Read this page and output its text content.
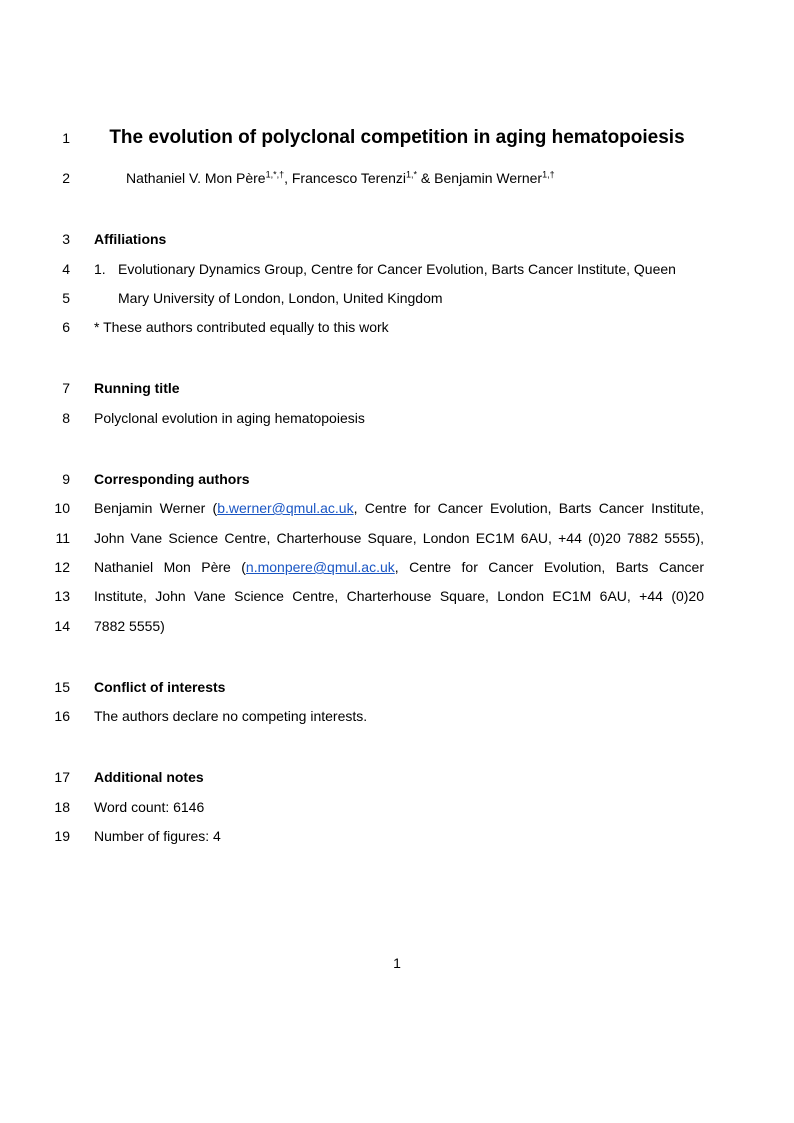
1	The evolution of polyclonal competition in aging hematopoiesis
2	Nathaniel V. Mon Père$^{1,*,\dagger}$, Francesco Terenzi$^{1,*}$ & Benjamin Werner$^{1,\dagger}$
3 Affiliations
4 1. Evolutionary Dynamics Group, Centre for Cancer Evolution, Barts Cancer Institute, Queen
5	Mary University of London, London, United Kingdom
6 * These authors contributed equally to this work
7 Running title
8 Polyclonal evolution in aging hematopoiesis
9 Corresponding authors
10 Benjamin Werner (b.werner@qmul.ac.uk, Centre for Cancer Evolution, Barts Cancer Institute,
11 John Vane Science Centre, Charterhouse Square, London EC1M 6AU, +44 (0)20 7882 5555),
12 Nathaniel Mon Père (n.monpere@qmul.ac.uk, Centre for Cancer Evolution, Barts Cancer
13 Institute, John Vane Science Centre, Charterhouse Square, London EC1M 6AU, +44 (0)20
14 7882 5555)
15 Conflict of interests
16 The authors declare no competing interests.
17 Additional notes
18 Word count: 6146
19 Number of figures: 4
1
